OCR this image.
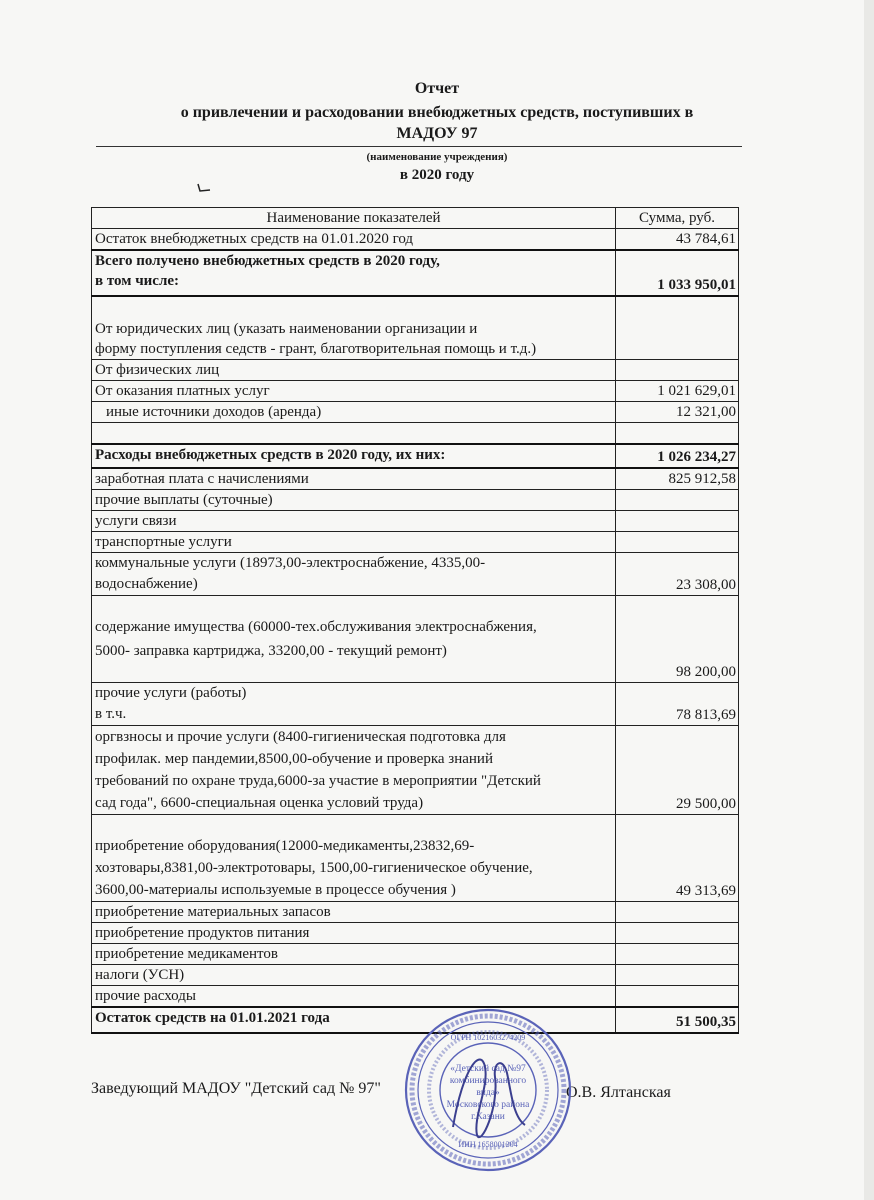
Отчет
о привлечении и расходовании внебюджетных средств, поступивших в
МАДОУ 97
(наименование учреждения)
в 2020 году
Наименование показателей	Сумма, руб.
Остаток внебюджетных средств на 01.01.2020 год	43 784,61

Всего получено внебюджетных средств в 2020 году,
в том числе:	1 033 950,01

От юридических лиц (указать наименовании организации и
форму поступления седств - грант, благотворительная помощь и т.д.)	

От физических лиц	
От оказания платных услуг	1 021 629,01
иные источники доходов (аренда)	12 321,00

Расходы внебюджетных средств в 2020 году, их них:	1 026 234,27
заработная плата с начислениями	825 912,58
прочие выплаты (суточные)	
услуги связи	
транспортные услуги	

коммунальные услуги (18973,00-электроснабжение, 4335,00-
водоснабжение)	23 308,00

содержание имущества (60000-тех.обслуживания электроснабжения,
5000- заправка картриджа, 33200,00 - текущий ремонт)	98 200,00

прочие услуги (работы)
в т.ч.	78 813,69

оргвзносы и прочие услуги (8400-гигиеническая подготовка для
профилак. мер пандемии,8500,00-обучение и проверка знаний
требований по охране труда,6000-за участие в мероприятии "Детский
сад года", 6600-специальная оценка условий труда)	29 500,00

приобретение оборудования(12000-медикаменты,23832,69-
хозтовары,8381,00-электротовары, 1500,00-гигиеническое обучение,
3600,00-материалы используемые в процессе обучения )	49 313,69
приобретение материальных запасов	
приобретение продуктов питания	
приобретение медикаментов	
налоги (УСН)	
прочие расходы	
Остаток средств на 01.01.2021 года	51 500,35
Заведующий МАДОУ "Детский сад № 97"	О.В. Ялтанская
ОГРН 1021603274209
«Детский сад №97
комбинированного
вида»
Московского района
г.Казани
ИНН 1658001304
